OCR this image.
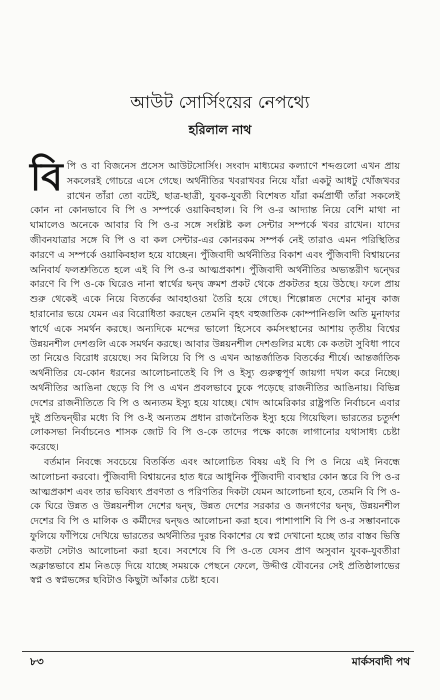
আউট সোর্সিংয়ের নেপথ্যে
হরিলাল নাথ

বিপি ও বা বিজনেস প্রসেস আউটসোর্সিং। সংবাদ মাধ্যমের কল্যাণে শব্দগুলো এখন প্রায় সকলেরই গোচরে এসে গেছে। অর্থনীতির খবরাখবর নিয়ে যাঁরা একটু আধটু খোঁজখবর রাখেন তাঁরা তো বটেই, ছাত্র-ছাত্রী, যুবক-যুবতী বিশেষত যাঁরা কর্মপ্রার্থী তাঁরা সকলেই কোন না কোনভাবে বি পি ও সম্পর্কে ওয়াকিবহাল। বি পি ও-র আদ্যান্ত নিয়ে বেশি মাথা না ঘামালেও অনেকে আবার বি পি ও-র সঙ্গে সংশ্লিষ্ট কল সেন্টার সম্পর্কে খবর রাখেন। যাদের জীবনযাত্রার সঙ্গে বি পি ও বা কল সেন্টার-এর কোনরকম সম্পর্ক নেই তারাও এমন পরিস্থিতির কারণে এ সম্পর্কে ওয়াকিবহাল হয়ে যাচ্ছেন। পুঁজিবাদী অর্থনীতির বিকাশ এবং পুঁজিবাদী বিশ্বায়নের অনিবার্য ফলশ্রুতিতে হলে এই বি পি ও-র আত্মপ্রকাশ। পুঁজিবাদী অর্থনীতির অভ্যন্তরীণ দ্বন্দ্বের কারণে বি পি ও-কে ঘিরেও নানা স্বার্থের দ্বন্দ্ব ক্রমশ প্রকট থেকে প্রকটতর হয়ে উঠছে। ফলে প্রায় শুরু থেকেই একে নিয়ে বিতর্কের আবহাওয়া তৈরি হয়ে গেছে। শিল্পোন্নত দেশের মানুষ কাজ হারানোর ভয়ে যেমন এর বিরোধিতা করছেন তেমনি বৃহৎ বহুজাতিক কোম্পানিগুলি অতি মুনাফার স্বার্থে একে সমর্থন করছে। অন্যদিকে মন্দের ভালো হিসেবে কর্মসংস্থানের আশায় তৃতীয় বিশ্বের উন্নয়নশীল দেশগুলি একে সমর্থন করছে। আবার উন্নয়নশীল দেশগুলির মধ্যে কে কতটা সুবিধা পাবে তা নিয়েও বিরোধ রয়েছে। সব মিলিয়ে বি পি ও এখন আন্তর্জাতিক বিতর্কের শীর্ষে। আন্তর্জাতিক অর্থনীতির যে-কোন ধরনের আলোচনাতেই বি পি ও ইস্যু গুরুত্বপূর্ণ জায়গা দখল করে নিচ্ছে। অর্থনীতির আঙিনা ছেড়ে বি পি ও এখন প্রবলভাবে ঢুকে পড়েছে রাজনীতির আঙিনায়। বিভিন্ন দেশের রাজনীতিতে বি পি ও অন্যতম ইস্যু হয়ে যাচ্ছে। খোদ আমেরিকার রাষ্ট্রপতি নির্বাচনে এবার দুই প্রতিদ্বন্দ্বীর মধ্যে বি পি ও-ই অন্যতম প্রধান রাজনৈতিক ইস্যু হয়ে গিয়েছিল। ভারতের চতুর্দশ লোকসভা নির্বাচনেও শাসক জোট বি পি ও-কে তাদের পক্ষে কাজে লাগানোর যথাসাধ্য চেষ্টা করেছে।

বর্তমান নিবন্ধে সবচেয়ে বিতর্কিত এবং আলোচিত বিষয় এই বি পি ও নিয়ে এই নিবন্ধে আলোচনা করবো। পুঁজিবাদী বিশ্বায়নের হাত ধরে আধুনিক পুঁজিবাদী ব্যবস্থার কোন স্তরে বি পি ও-র আত্মপ্রকাশ এবং তার ভবিষ্যৎ প্রবণতা ও পরিণতির দিকটা যেমন আলোচনা হবে, তেমনি বি পি ও-কে ঘিরে উন্নত ও উন্নয়নশীল দেশের দ্বন্দ্ব, উন্নত দেশের সরকার ও জনগণের দ্বন্দ্ব, উন্নয়নশীল দেশের বি পি ও মালিক ও কর্মীদের দ্বন্দ্বও আলোচনা করা হবে। পাশাপাশি বি পি ও-র সম্ভাবনাকে ফুলিয়ে ফাঁপিয়ে দেখিয়ে ভারতের অর্থনীতির দুরন্ত বিকাশের যে স্বপ্ন দেখানো হচ্ছে তার বাস্তব ভিত্তি কতটা সেটাও আলোচনা করা হবে। সবশেষে বি পি ও-তে যেসব প্রাণ অসুবান যুবক-যুবতীরা অক্লান্তভাবে শ্রম নিঙড়ে দিয়ে যাচ্ছে সময়কে পেছনে ফেলে, উদ্দীপ্ত যৌবনের সেই প্রতিষ্ঠালাভের স্বপ্ন ও স্বপ্নভঙ্গের ছবিটাও কিছুটা আঁকার চেষ্টা হবে।

৮৩	মার্কসবাদী পথ
